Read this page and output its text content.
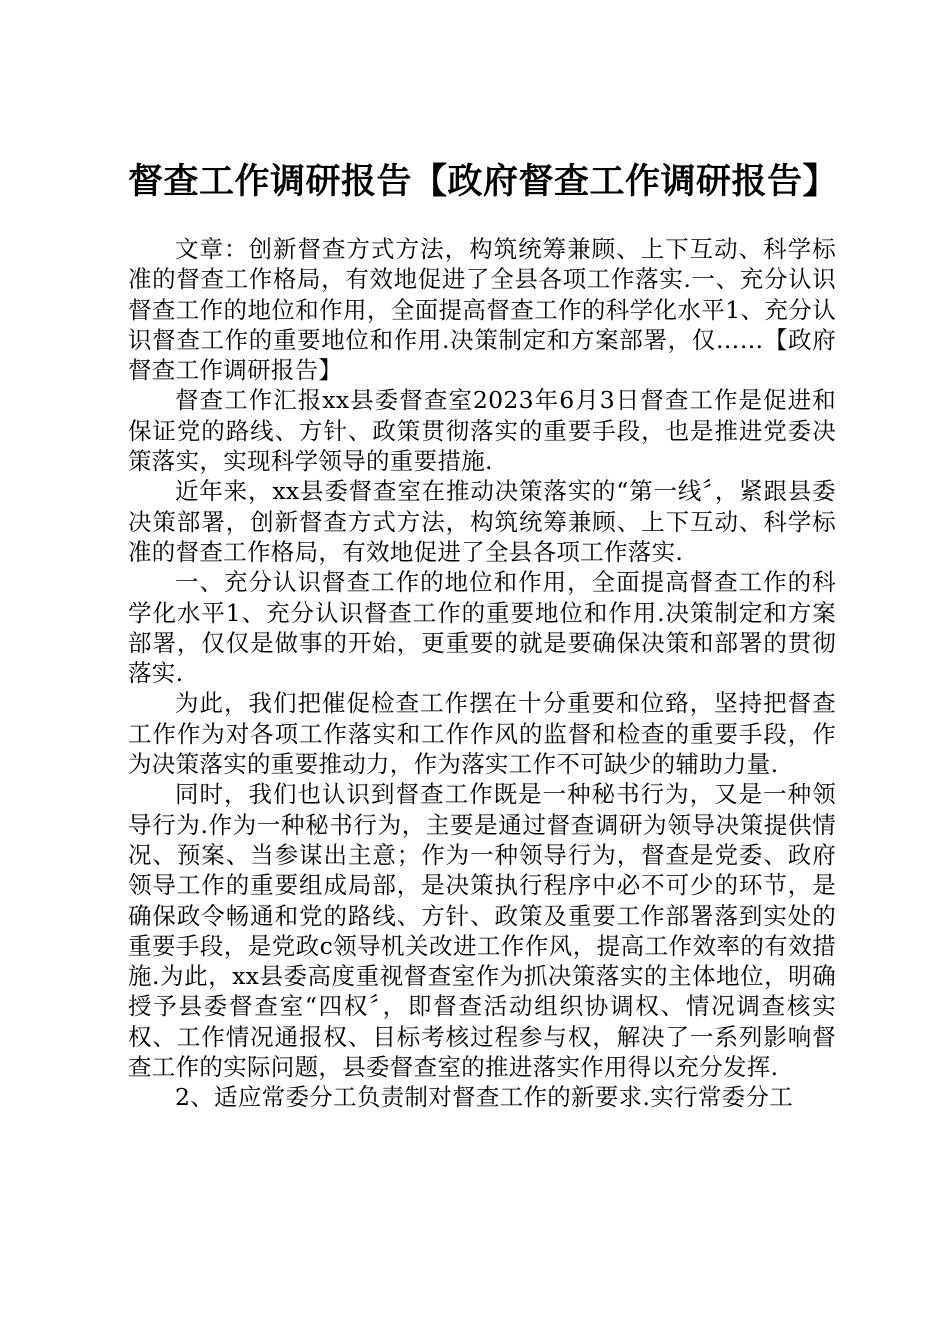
督查工作调研报告【政府督查工作调研报告】

文章：创新督查方式方法，构筑统筹兼顾、上下互动、科学标准的督查工作格局，有效地促进了全县各项工作落实.一、充分认识督查工作的地位和作用，全面提高督查工作的科学化水平1、充分认识督查工作的重要地位和作用.决策制定和方案部署，仅……【政府督查工作调研报告】

督查工作汇报xx县委督查室2023年6月3日督查工作是促进和保证党的路线、方针、政策贯彻落实的重要手段，也是推进党委决策落实，实现科学领导的重要措施.

近年来，xx县委督查室在推动决策落实的“第一线〞，紧跟县委决策部署，创新督查方式方法，构筑统筹兼顾、上下互动、科学标准的督查工作格局，有效地促进了全县各项工作落实.

一、充分认识督查工作的地位和作用，全面提高督查工作的科学化水平1、充分认识督查工作的重要地位和作用.决策制定和方案部署，仅仅是做事的开始，更重要的就是要确保决策和部署的贯彻落实.

为此，我们把催促检查工作摆在十分重要和位臵，坚持把督查工作作为对各项工作落实和工作作风的监督和检查的重要手段，作为决策落实的重要推动力，作为落实工作不可缺少的辅助力量.

同时，我们也认识到督查工作既是一种秘书行为，又是一种领导行为.作为一种秘书行为，主要是通过督查调研为领导决策提供情况、预案、当参谋出主意；作为一种领导行为，督查是党委、政府领导工作的重要组成局部，是决策执行程序中必不可少的环节，是确保政令畅通和党的路线、方针、政策及重要工作部署落到实处的重要手段，是党政c领导机关改进工作作风，提高工作效率的有效措施.为此，xx县委高度重视督查室作为抓决策落实的主体地位，明确授予县委督查室“四权〞，即督查活动组织协调权、情况调查核实权、工作情况通报权、目标考核过程参与权，解决了一系列影响督查工作的实际问题，县委督查室的推进落实作用得以充分发挥.

2、适应常委分工负责制对督查工作的新要求.实行常委分工
